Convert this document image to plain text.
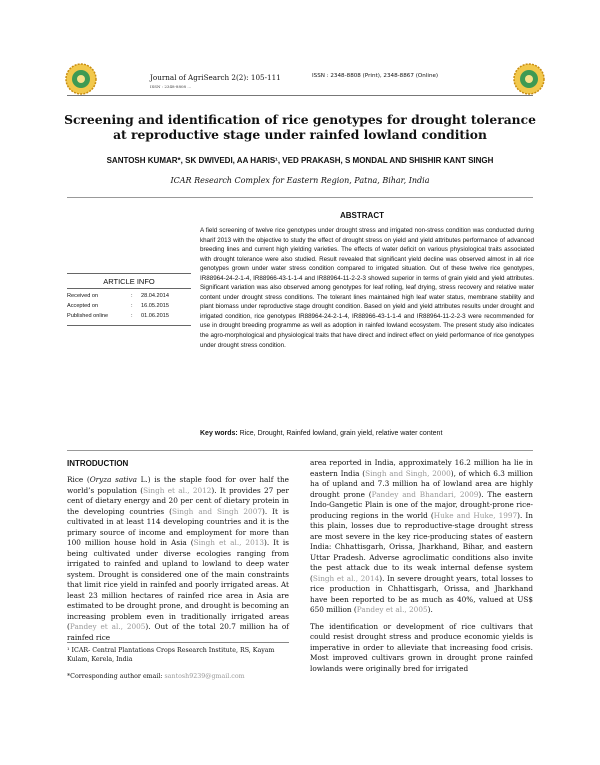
Journal of AgriSearch 2(2): 105-111
ISSN : 2348-8808 ...
ISSN : 2348-8808 (Print), 2348-8867 (Online)
Screening and identification of rice genotypes for drought tolerance at reproductive stage under rainfed lowland condition
SANTOSH KUMAR*, SK DWIVEDI, AA HARIS¹, VED PRAKASH, S MONDAL AND SHISHIR KANT SINGH
ICAR Research Complex for Eastern Region, Patna, Bihar, India
ABSTRACT
A field screening of twelve rice genotypes under drought stress and irrigated non-stress condition was conducted during kharif 2013 with the objective to study the effect of drought stress on yield and yield attributes performance of advanced breeding lines and current high yielding varieties. The effects of water deficit on various physiological traits associated with drought tolerance were also studied. Result revealed that significant yield decline was observed almost in all rice genotypes grown under water stress condition compared to irrigated situation. Out of these twelve rice genotypes, IR88964-24-2-1-4, IR88966-43-1-1-4 and IR88964-11-2-2-3 showed superior in terms of grain yield and yield attributes. Significant variation was also observed among genotypes for leaf rolling, leaf drying, stress recovery and relative water content under drought stress conditions. The tolerant lines maintained high leaf water status, membrane stability and plant biomass under reproductive stage drought condition. Based on yield and yield attributes results under drought and irrigated condition, rice genotypes IR88964-24-2-1-4, IR88966-43-1-1-4 and IR88964-11-2-2-3 were recommended for use in drought breeding programme as well as adoption in rainfed lowland ecosystem. The present study also indicates the agro-morphological and physiological traits that have direct and indirect effect on yield performance of rice genotypes under drought stress condition.
ARTICLE INFO
Received on	:	28.04.2014
Accepted on	:	16.05.2015
Published online	:	01.06.2015
Key words: Rice, Drought, Rainfed lowland, grain yield, relative water content
INTRODUCTION
Rice (Oryza sativa L.) is the staple food for over half the world’s population (Singh et al., 2012). It provides 27 per cent of dietary energy and 20 per cent of dietary protein in the developing countries (Singh and Singh 2007). It is cultivated in at least 114 developing countries and it is the primary source of income and employment for more than 100 million house hold in Asia (Singh et al., 2013). It is being cultivated under diverse ecologies ranging from irrigated to rainfed and upland to lowland to deep water system. Drought is considered one of the main constraints that limit rice yield in rainfed and poorly irrigated areas. At least 23 million hectares of rainfed rice area in Asia are estimated to be drought prone, and drought is becoming an increasing problem even in traditionally irrigated areas (Pandey et al., 2005). Out of the total 20.7 million ha of rainfed rice
area reported in India, approximately 16.2 million ha lie in eastern India (Singh and Singh, 2000), of which 6.3 million ha of upland and 7.3 million ha of lowland area are highly drought prone (Pandey and Bhandari, 2009). The eastern Indo-Gangetic Plain is one of the major, drought-prone rice-producing regions in the world (Huke and Huke, 1997). In this plain, losses due to reproductive-stage drought stress are most severe in the key rice-producing states of eastern India: Chhattisgarh, Orissa, Jharkhand, Bihar, and eastern Uttar Pradesh. Adverse agroclimatic conditions also invite the pest attack due to its weak internal defense system (Singh et al., 2014). In severe drought years, total losses to rice production in Chhattisgarh, Orissa, and Jharkhand have been reported to be as much as 40%, valued at US$ 650 million (Pandey et al., 2005).
The identification or development of rice cultivars that could resist drought stress and produce economic yields is imperative in order to alleviate that increasing food crisis. Most improved cultivars grown in drought prone rainfed lowlands were originally bred for irrigated
¹ ICAR- Central Plantations Crops Research Institute, RS, Kayam Kulam, Kerela, India
*Corresponding author email: santosh9239@gmail.com
